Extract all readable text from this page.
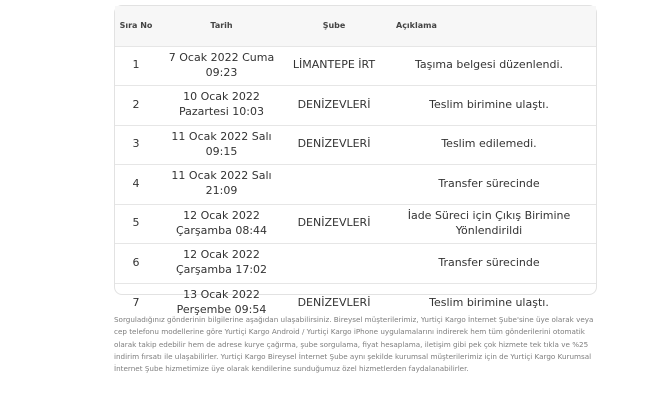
Sıra No	Tarih	Şube	Açıklama
1	7 Ocak 2022 Cuma 09:23	LİMANTEPE İRT	Taşıma belgesi düzenlendi.
2	10 Ocak 2022 Pazartesi 10:03	DENİZEVLERİ	Teslim birimine ulaştı.
3	11 Ocak 2022 Salı 09:15	DENİZEVLERİ	Teslim edilemedi.
4	11 Ocak 2022 Salı 21:09		Transfer sürecinde
5	12 Ocak 2022 Çarşamba 08:44	DENİZEVLERİ	İade Süreci için Çıkış Birimine Yönlendirildi
6	12 Ocak 2022 Çarşamba 17:02		Transfer sürecinde
7	13 Ocak 2022 Perşembe 09:54	DENİZEVLERİ	Teslim birimine ulaştı.

Sorguladığınız gönderinin bilgilerine aşağıdan ulaşabilirsiniz. Bireysel müşterilerimiz, Yurtiçi Kargo İnternet Şube'sine üye olarak veya cep telefonu modellerine göre Yurtiçi Kargo Android / Yurtiçi Kargo iPhone uygulamalarını indirerek hem tüm gönderilerini otomatik olarak takip edebilir hem de adrese kurye çağırma, şube sorgulama, fiyat hesaplama, iletişim gibi pek çok hizmete tek tıkla ve %25 indirim fırsatı ile ulaşabilirler. Yurtiçi Kargo Bireysel İnternet Şube aynı şekilde kurumsal müşterilerimiz için de Yurtiçi Kargo Kurumsal İnternet Şube hizmetimize üye olarak kendilerine sunduğumuz özel hizmetlerden faydalanabilirler.
